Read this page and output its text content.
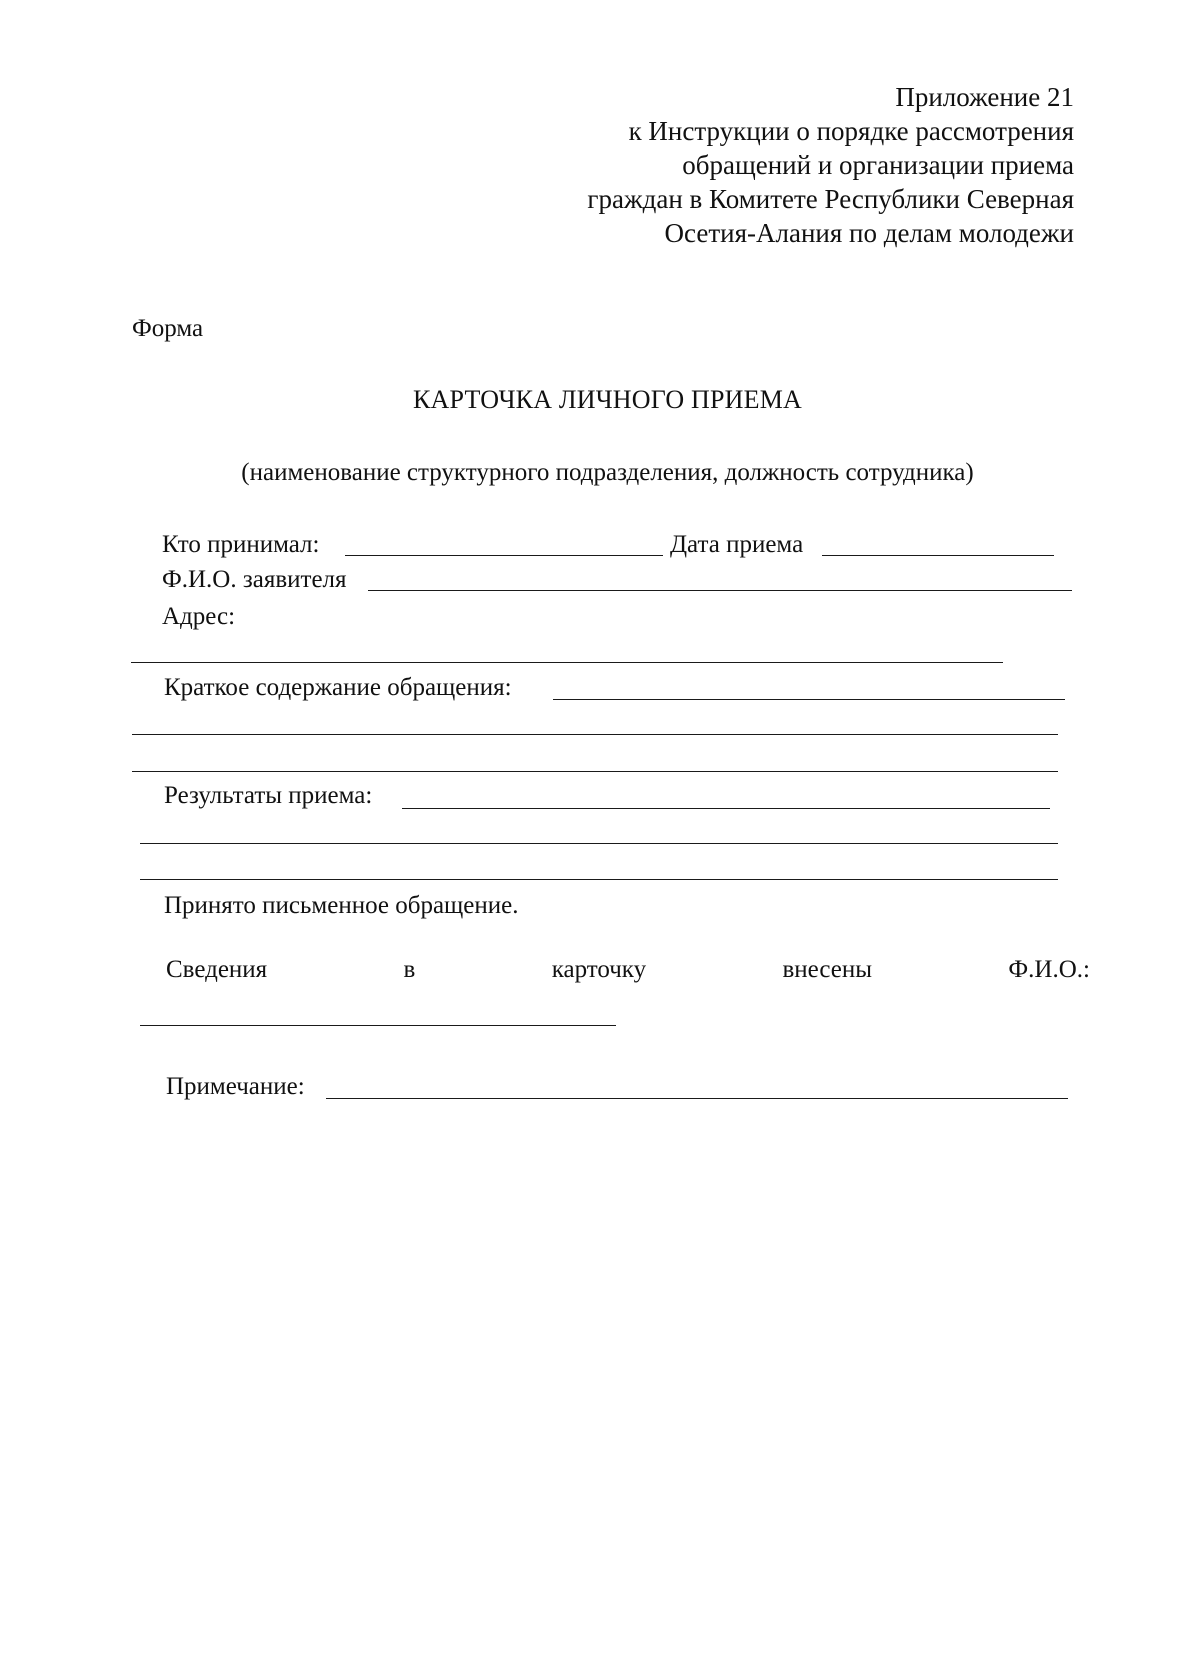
Приложение 21
к Инструкции о порядке рассмотрения
обращений и организации приема
граждан в Комитете Республики Северная
Осетия-Алания по делам молодежи
Форма
КАРТОЧКА ЛИЧНОГО ПРИЕМА
(наименование структурного подразделения, должность сотрудника)
Кто принимал:	Дата приема
Ф.И.О. заявителя
Адрес:
Краткое содержание обращения:
Результаты приема:
Принято письменное обращение.
Сведения	в	карточку	внесены	Ф.И.О.:
Примечание:
